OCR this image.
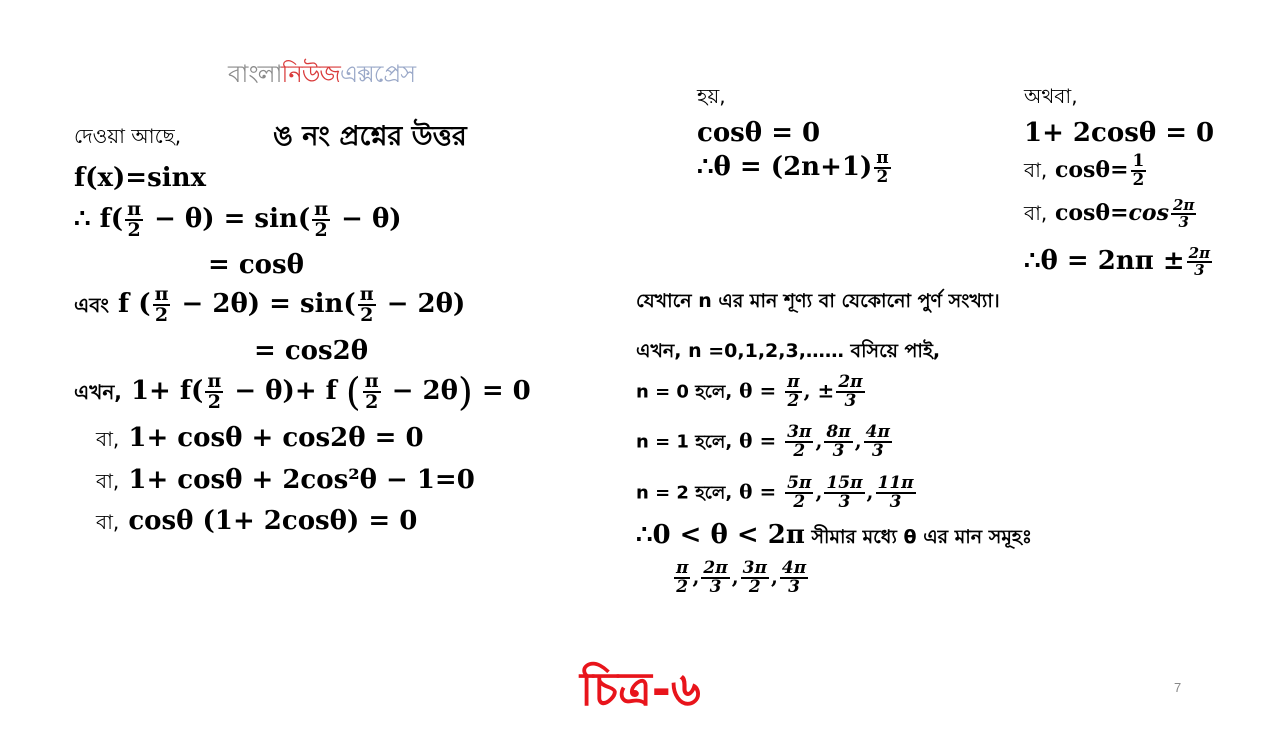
বাংলানিউজএক্সপ্রেস
দেওয়া আছে,	ঙ নং প্রশ্নের উত্তর
f(x)=sinx
∴ $f( \frac{\pi}{2} - \theta) = \sin( \frac{\pi}{2} - \theta)$
= cosθ
এবং f ( $\frac{\pi}{2} - 2\theta) = \sin( \frac{\pi}{2} - 2\theta)$
= cos2θ
এখন, $1+ f( \frac{\pi}{2} - \theta)+ f$ ( $\frac{\pi}{2} - 2\theta) = 0$
বা, 1+ cosθ + cos2θ = 0
বা, 1+ cosθ + 2cos²θ − 1=0
বা, cosθ (1+ 2cosθ) = 0
হয়,
cosθ = 0
∴θ = $(2n+1) \frac{\pi}{2}$
অথবা,
1+ 2cosθ = 0
বা, $\cos\theta= \frac{1}{2}$
বা, $\cos\theta=\cos \frac{2\pi}{3}$
∴θ = $2n\pi \pm \frac{2\pi}{3}$
যেখানে n এর মান শূণ্য বা যেকোনো পুর্ণ সংখ্যা।
এখন, n =0,1,2,3,…… বসিয়ে পাই,
n = 0 হলে, $\theta = \frac{\pi}{2}$ , ± $\frac{2\pi}{3}$
n = 1 হলে, $\theta = \frac{3\pi}{2}$ , $\frac{8\pi}{3}$ , $\frac{4\pi}{3}$
n = 2 হলে, $\theta = \frac{5\pi}{2}$ , $\frac{15\pi}{3}$ , $\frac{11\pi}{3}$
∴0 < θ < 2π সীমার মধ্যে θ এর মান সমূহঃ
$\frac{\pi}{2}$ , $\frac{2\pi}{3}$ , $\frac{3\pi}{2}$ , $\frac{4\pi}{3}$
চিত্র-৬	7
